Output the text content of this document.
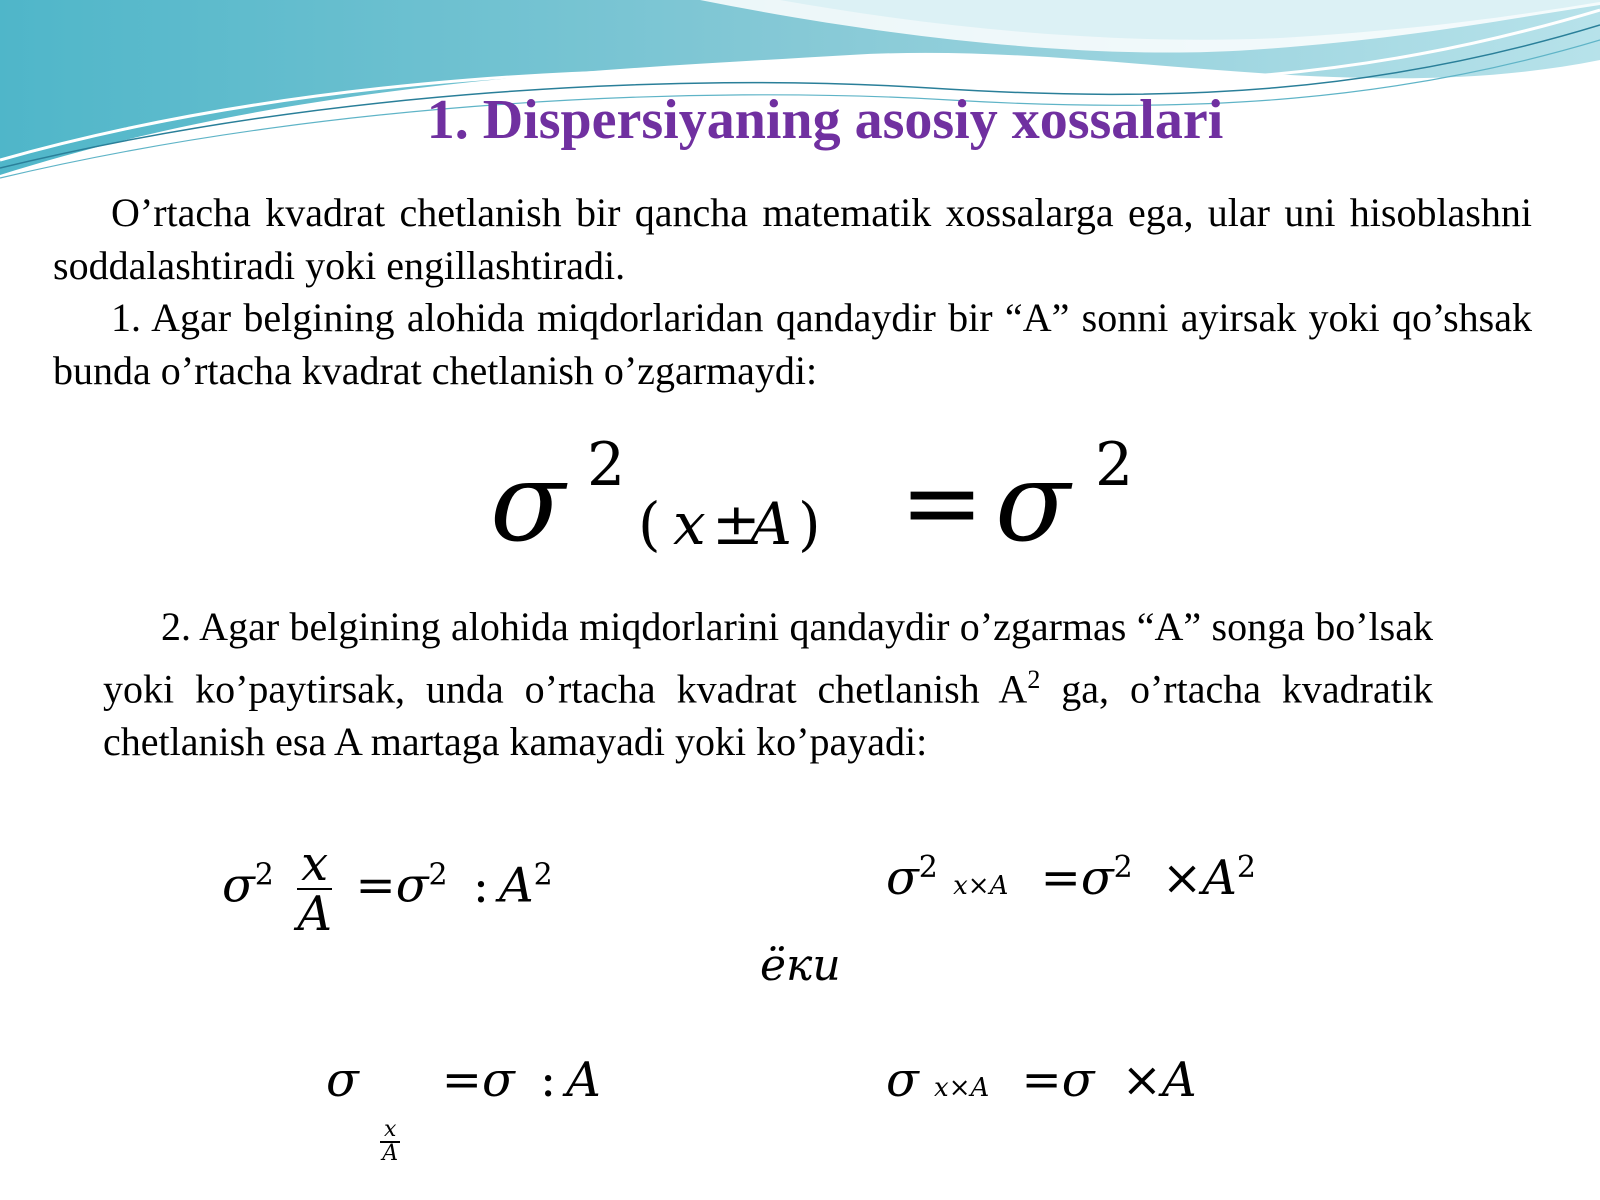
1. Dispersiyaning asosiy xossalari

O’rtacha kvadrat chetlanish bir qancha matematik xossalarga ega, ular uni hisoblashni soddalashtiradi yoki engillashtiradi.

1. Agar belgining alohida miqdorlaridan qandaydir bir “A” sonni ayirsak yoki qo’shsak bunda o’rtacha kvadrat chetlanish o’zgarmaydi:

σ 2
( x ±
A ) = σ 2

2. Agar belgining alohida miqdorlarini qandaydir o’zgarmas “A” songa bo’lsak yoki ko’paytirsak, unda o’rtacha kvadrat chetlanish $A^2$ ga, o’rtacha kvadratik chetlanish esa A martaga kamayadi yoki ko’payadi:

$\sigma^2 \frac{x}{A} =\sigma^2$ : $A^2$	$\sigma^2$ $x\times A =\sigma^2 \times A^2$
ёки
σ
$\frac{x}{A}$
=σ : A	σ x×A =σ ×A
